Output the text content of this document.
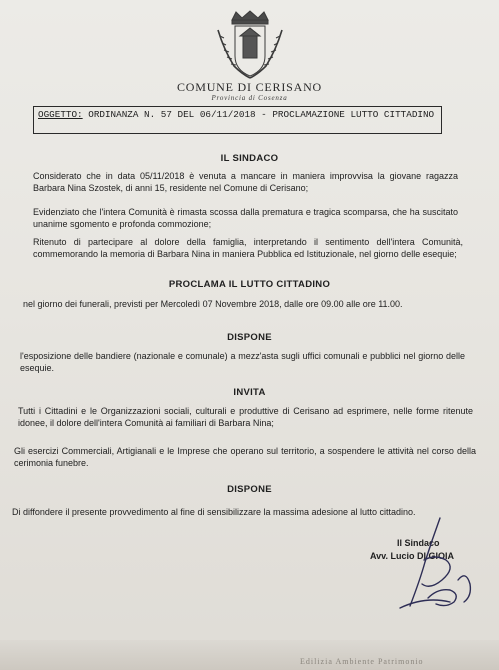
COMUNE DI CERISANO
Provincia di Cosenza
OGGETTO: ORDINANZA N. 57 DEL 06/11/2018 - PROCLAMAZIONE LUTTO CITTADINO
IL SINDACO
Considerato che in data 05/11/2018 è venuta a mancare in maniera improvvisa la giovane ragazza Barbara Nina Szostek, di anni 15, residente nel Comune di Cerisano;
Evidenziato che l'intera Comunità è rimasta scossa dalla prematura e tragica scomparsa, che ha suscitato unanime sgomento e profonda commozione;
Ritenuto di partecipare al dolore della famiglia, interpretando il sentimento dell'intera Comunità, commemorando la memoria di Barbara Nina in maniera Pubblica ed Istituzionale, nel giorno delle esequie;
PROCLAMA IL LUTTO CITTADINO
nel giorno dei funerali, previsti per Mercoledì 07 Novembre 2018, dalle ore 09.00 alle ore 11.00.
DISPONE
l'esposizione delle bandiere (nazionale e comunale) a mezz'asta sugli uffici comunali e pubblici nel giorno delle esequie.
INVITA
Tutti i Cittadini e le Organizzazioni sociali, culturali e produttive di Cerisano ad esprimere, nelle forme ritenute idonee, il dolore dell'intera Comunità ai familiari di Barbara Nina;
Gli esercizi Commerciali, Artigianali e le Imprese che operano sul territorio, a sospendere le attività nel corso della cerimonia funebre.
DISPONE
Di diffondere il presente provvedimento al fine di sensibilizzare la massima adesione al lutto cittadino.
Il Sindaco
Avv. Lucio DI GIOIA
Edilizia Ambiente Patrimonio
